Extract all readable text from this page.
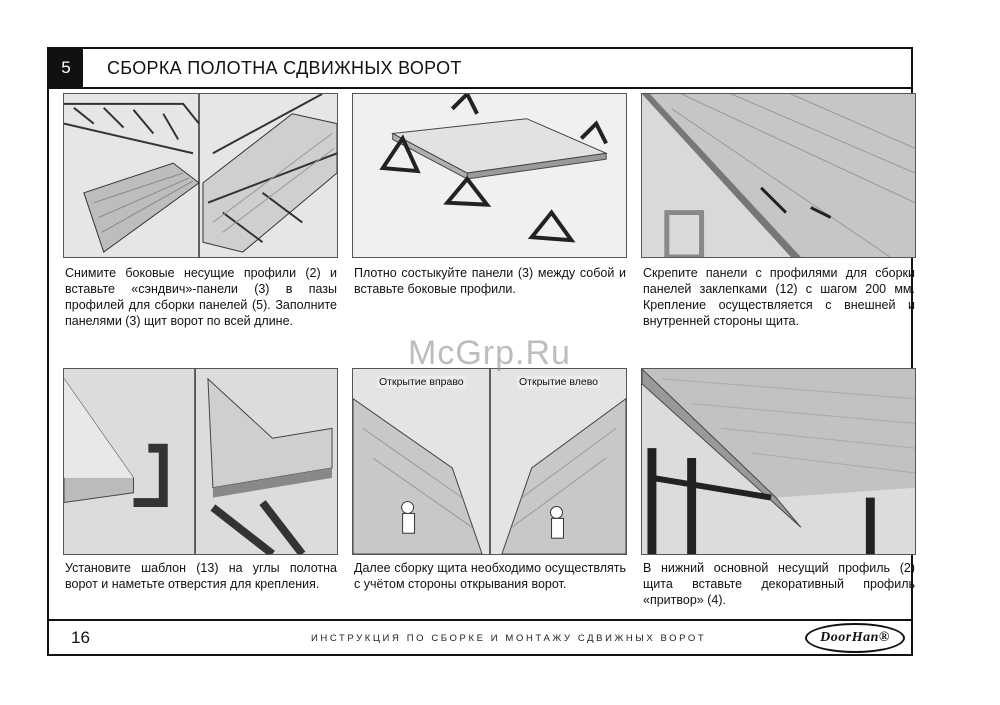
5	СБОРКА ПОЛОТНА СДВИЖНЫХ ВОРОТ
Снимите боковые несущие профили (2) и вставьте «сэндвич»-панели (3) в пазы профилей для сборки панелей (5). Заполните панелями (3) щит ворот по всей длине.
Плотно состыкуйте панели (3) между собой и вставьте боковые профили.
Скрепите панели с профилями для сборки панелей заклепками (12) с шагом 200 мм. Крепление осуществляется с внешней и внутренней стороны щита.
Открытие вправо	Открытие влево
Установите шаблон (13) на углы полотна ворот и наметьте отверстия для крепления.
Далее сборку щита необходимо осуществлять с учётом стороны открывания ворот.
В нижний основной несущий профиль (2) щита вставьте декоративный профиль «притвор» (4).
16	ИНСТРУКЦИЯ ПО СБОРКЕ И МОНТАЖУ СДВИЖНЫХ ВОРОТ	DoorHan®
McGrp.Ru
